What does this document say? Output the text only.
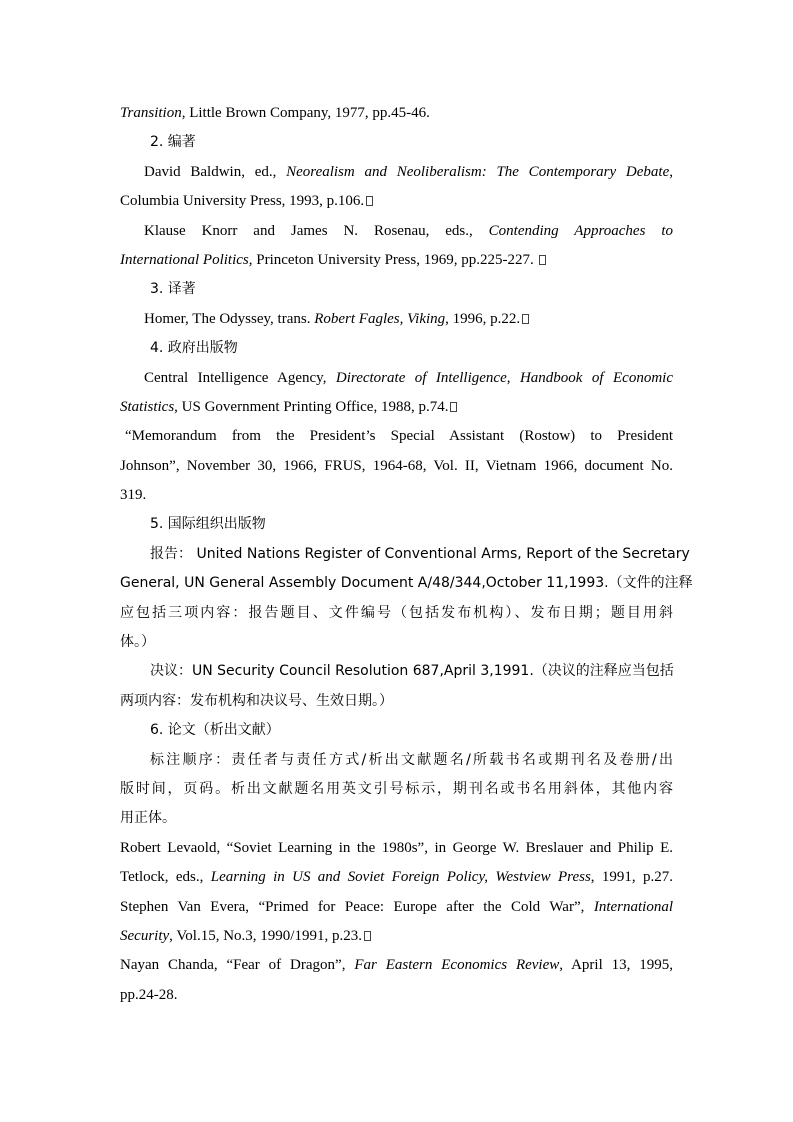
Transition, Little Brown Company, 1977, pp.45-46.
2. 编著
David Baldwin, ed., Neorealism and Neoliberalism: The Contemporary Debate,
Columbia University Press, 1993, p.106.
Klause Knorr and James N. Rosenau, eds., Contending Approaches to
International Politics, Princeton University Press, 1969, pp.225-227.
3. 译著
Homer, The Odyssey, trans. Robert Fagles, Viking, 1996, p.22.
4. 政府出版物
Central Intelligence Agency, Directorate of Intelligence, Handbook of Economic
Statistics, US Government Printing Office, 1988, p.74.
“Memorandum from the President’s Special Assistant (Rostow) to President
Johnson”, November 30, 1966, FRUS, 1964-68, Vol. II, Vietnam 1966, document No.
319.
5. 国际组织出版物
报告： United Nations Register of Conventional Arms, Report of the Secretary
General, UN General Assembly Document A/48/344,October 11,1993.（文件的注释
应包括三项内容：报告题目、文件编号（包括发布机构）、发布日期；题目用斜
体。）
决议：UN Security Council Resolution 687,April 3,1991.（决议的注释应当包括
两项内容：发布机构和决议号、生效日期。）
6. 论文（析出文献）
标注顺序：责任者与责任方式/析出文献题名/所载书名或期刊名及卷册/出
版时间，页码。析出文献题名用英文引号标示，期刊名或书名用斜体，其他内容
用正体。
Robert Levaold, “Soviet Learning in the 1980s”, in George W. Breslauer and Philip E.
Tetlock, eds., Learning in US and Soviet Foreign Policy, Westview Press, 1991, p.27.
Stephen Van Evera, “Primed for Peace: Europe after the Cold War”, International
Security, Vol.15, No.3, 1990/1991, p.23.
Nayan Chanda, “Fear of Dragon”, Far Eastern Economics Review, April 13, 1995,
pp.24-28.
